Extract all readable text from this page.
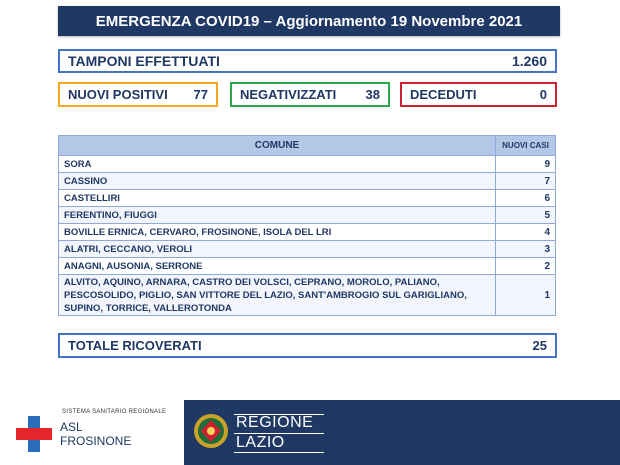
EMERGENZA COVID19 – Aggiornamento 19 Novembre 2021
TAMPONI EFFETTUATI	1.260
NUOVI POSITIVI 77 NEGATIVIZZATI 38 DECEDUTI	0
COMUNE	NUOVI CASI
SORA	9
CASSINO	7
CASTELLIRI	6
FERENTINO, FIUGGI	5
BOVILLE ERNICA, CERVARO, FROSINONE, ISOLA DEL LRI	4
ALATRI, CECCANO, VEROLI	3
ANAGNI, AUSONIA, SERRONE	2
ALVITO, AQUINO, ARNARA, CASTRO DEI VOLSCI, CEPRANO, MOROLO, PALIANO, PESCOSOLIDO, PIGLIO, SAN VITTORE DEL LAZIO, SANT'AMBROGIO SUL GARIGLIANO, SUPINO, TORRICE, VALLEROTONDA	1
TOTALE RICOVERATI	25
SISTEMA SANITARIO REGIONALE
ASL
FROSINONE
REGIONE
LAZIO
